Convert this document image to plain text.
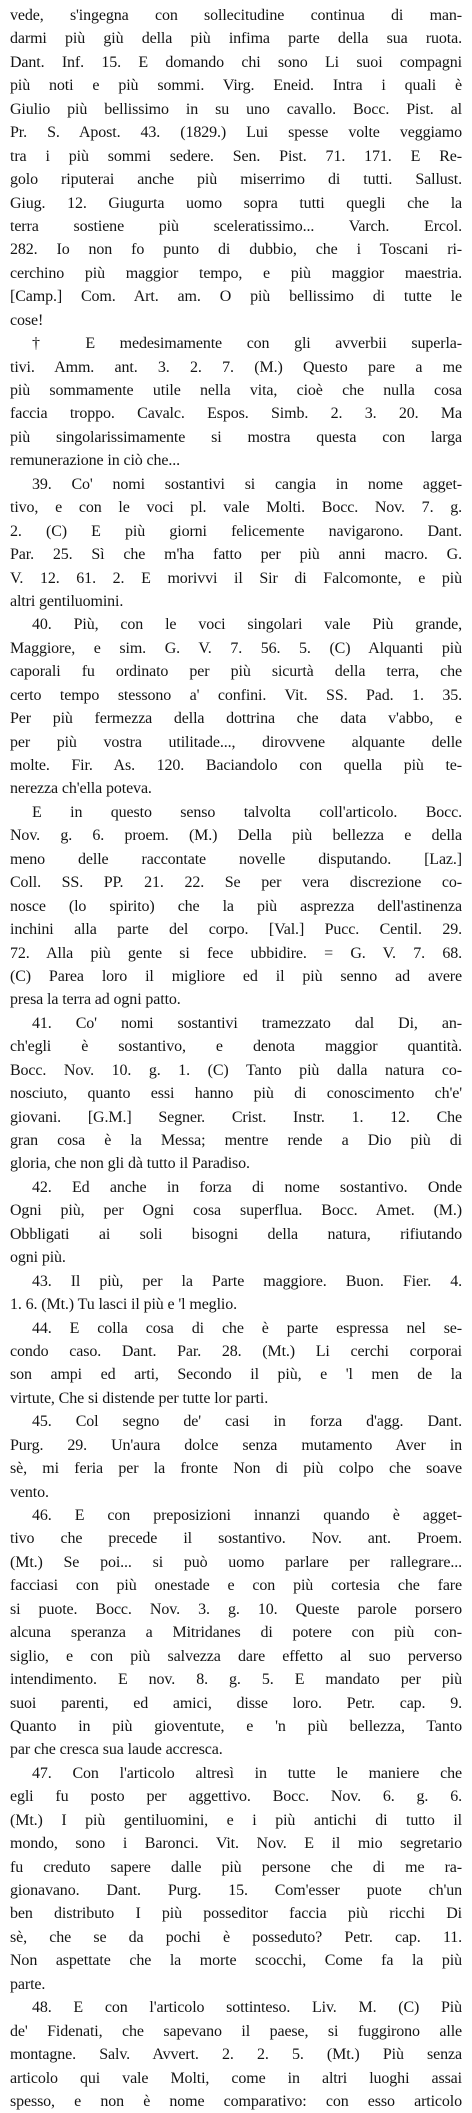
vede, s'ingegna con sollecitudine continua di man-
darmi più giù della più infima parte della sua ruota.
Dant. Inf. 15. E domando chi sono Li suoi compagni
più noti e più sommi. Virg. Eneid. Intra i quali è
Giulio più bellissimo in su uno cavallo. Bocc. Pist. al
Pr. S. Apost. 43. (1829.) Lui spesse volte veggiamo
tra i più sommi sedere. Sen. Pist. 71. 171. E Re-
golo riputerai anche più miserrimo di tutti. Sallust.
Giug. 12. Giugurta uomo sopra tutti quegli che la
terra sostiene più sceleratissimo... Varch. Ercol.
282. Io non fo punto di dubbio, che i Toscani ri-
cerchino più maggior tempo, e più maggior maestria.
[Camp.] Com. Art. am. O più bellissimo di tutte le
cose!
† E medesimamente con gli avverbii superla-
tivi. Amm. ant. 3. 2. 7. (M.) Questo pare a me
più sommamente utile nella vita, cioè che nulla cosa
faccia troppo. Cavalc. Espos. Simb. 2. 3. 20. Ma
più singolarissimamente si mostra questa con larga
remunerazione in ciò che...
39. Co' nomi sostantivi si cangia in nome agget-
tivo, e con le voci pl. vale Molti. Bocc. Nov. 7. g.
2. (C) E più giorni felicemente navigarono. Dant.
Par. 25. Sì che m'ha fatto per più anni macro. G.
V. 12. 61. 2. E morivvi il Sir di Falcomonte, e più
altri gentiluomini.
40. Più, con le voci singolari vale Più grande,
Maggiore, e sim. G. V. 7. 56. 5. (C) Alquanti più
caporali fu ordinato per più sicurtà della terra, che
certo tempo stessono a' confini. Vit. SS. Pad. 1. 35.
Per più fermezza della dottrina che data v'abbo, e
per più vostra utilitade..., dirovvene alquante delle
molte. Fir. As. 120. Baciandolo con quella più te-
nerezza ch'ella poteva.
E in questo senso talvolta coll'articolo. Bocc.
Nov. g. 6. proem. (M.) Della più bellezza e della
meno delle raccontate novelle disputando. [Laz.]
Coll. SS. PP. 21. 22. Se per vera discrezione co-
nosce (lo spirito) che la più asprezza dell'astinenza
inchini alla parte del corpo. [Val.] Pucc. Centil. 29.
72. Alla più gente si fece ubbidire. = G. V. 7. 68.
(C) Parea loro il migliore ed il più senno ad avere
presa la terra ad ogni patto.
41. Co' nomi sostantivi tramezzato dal Di, an-
ch'egli è sostantivo, e denota maggior quantità.
Bocc. Nov. 10. g. 1. (C) Tanto più dalla natura co-
nosciuto, quanto essi hanno più di conoscimento ch'e'
giovani. [G.M.] Segner. Crist. Instr. 1. 12. Che
gran cosa è la Messa; mentre rende a Dio più di
gloria, che non gli dà tutto il Paradiso.
42. Ed anche in forza di nome sostantivo. Onde
Ogni più, per Ogni cosa superflua. Bocc. Amet. (M.)
Obbligati ai soli bisogni della natura, rifiutando
ogni più.
43. Il più, per la Parte maggiore. Buon. Fier. 4.
1. 6. (Mt.) Tu lasci il più e 'l meglio.
44. E colla cosa di che è parte espressa nel se-
condo caso. Dant. Par. 28. (Mt.) Li cerchi corporai
son ampi ed arti, Secondo il più, e 'l men de la
virtute, Che si distende per tutte lor parti.
45. Col segno de' casi in forza d'agg. Dant.
Purg. 29. Un'aura dolce senza mutamento Aver in
sè, mi feria per la fronte Non di più colpo che soave
vento.
46. E con preposizioni innanzi quando è agget-
tivo che precede il sostantivo. Nov. ant. Proem.
(Mt.) Se poi... si può uomo parlare per rallegrare...
facciasi con più onestade e con più cortesia che fare
si puote. Bocc. Nov. 3. g. 10. Queste parole porsero
alcuna speranza a Mitridanes di potere con più con-
siglio, e con più salvezza dare effetto al suo perverso
intendimento. E nov. 8. g. 5. E mandato per più
suoi parenti, ed amici, disse loro. Petr. cap. 9.
Quanto in più gioventute, e 'n più bellezza, Tanto
par che cresca sua laude accresca.
47. Con l'articolo altresì in tutte le maniere che
egli fu posto per aggettivo. Bocc. Nov. 6. g. 6.
(Mt.) I più gentiluomini, e i più antichi di tutto il
mondo, sono i Baronci. Vit. Nov. E il mio segretario
fu creduto sapere dalle più persone che di me ra-
gionavano. Dant. Purg. 15. Com'esser puote ch'un
ben distributo I più posseditor faccia più ricchi Di
sè, che se da pochi è posseduto? Petr. cap. 11.
Non aspettate che la morte scocchi, Come fa la più
parte.
48. E con l'articolo sottinteso. Liv. M. (C) Più
de' Fidenati, che sapevano il paese, si fuggirono alle
montagne. Salv. Avvert. 2. 2. 5. (Mt.) Più senza
articolo qui vale Molti, come in altri luoghi assai
spesso, e non è nome comparativo: con esso articolo
